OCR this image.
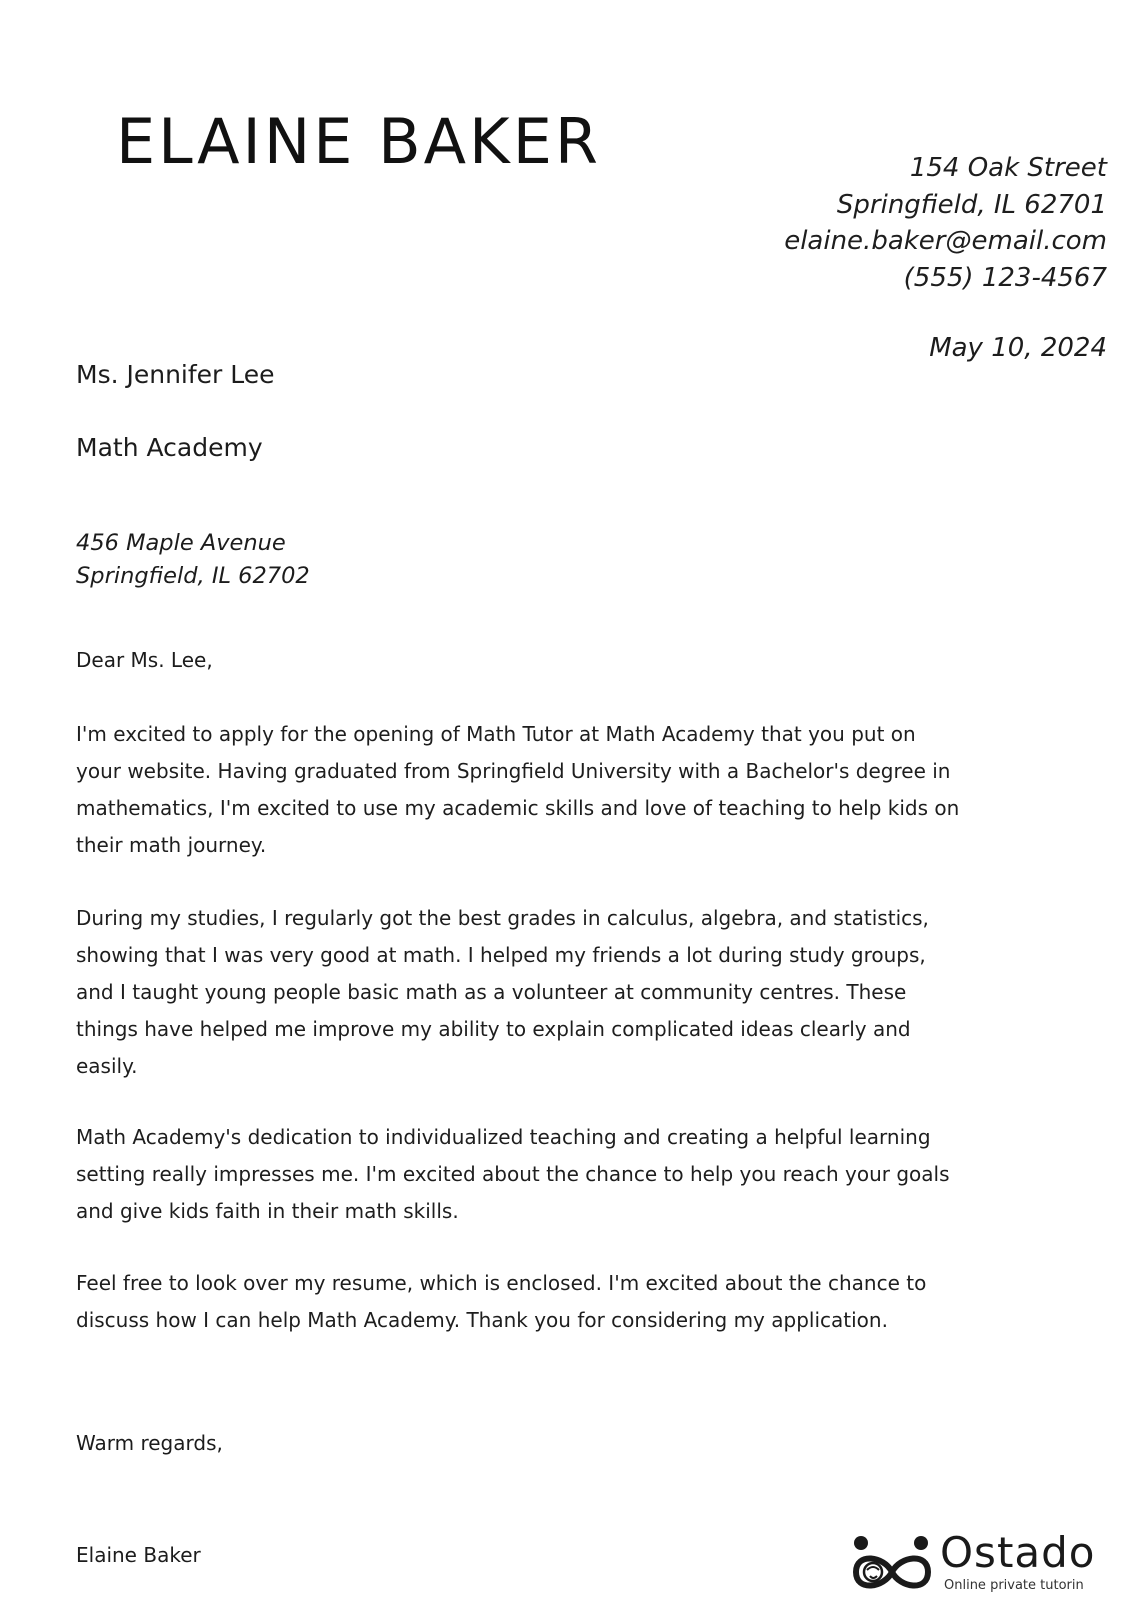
ELAINE BAKER	154 Oak Street
Springfield, IL 62701
elaine.baker@email.com
(555) 123-4567
May 10, 2024
Ms. Jennifer Lee
Math Academy
456 Maple Avenue
Springfield, IL 62702
Dear Ms. Lee,
I'm excited to apply for the opening of Math Tutor at Math Academy that you put on
your website. Having graduated from Springfield University with a Bachelor's degree in
mathematics, I'm excited to use my academic skills and love of teaching to help kids on
their math journey.
During my studies, I regularly got the best grades in calculus, algebra, and statistics,
showing that I was very good at math. I helped my friends a lot during study groups,
and I taught young people basic math as a volunteer at community centres. These
things have helped me improve my ability to explain complicated ideas clearly and
easily.
Math Academy's dedication to individualized teaching and creating a helpful learning
setting really impresses me. I'm excited about the chance to help you reach your goals
and give kids faith in their math skills.
Feel free to look over my resume, which is enclosed. I'm excited about the chance to
discuss how I can help Math Academy. Thank you for considering my application.
Warm regards,
Elaine Baker	Ostado
Online private tutorin
